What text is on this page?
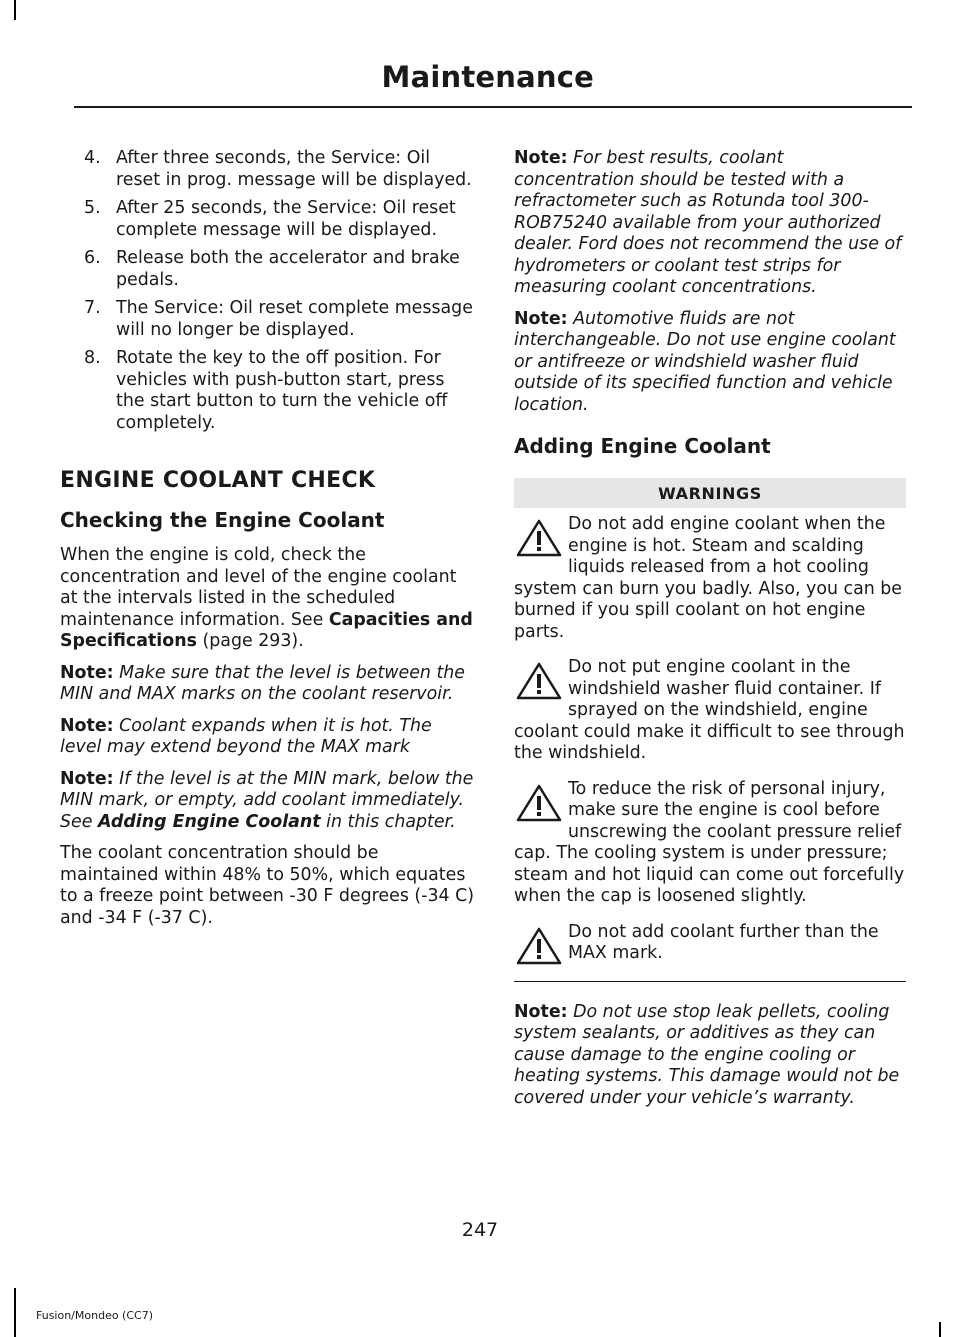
Maintenance
4. After three seconds, the Service: Oil reset in prog. message will be displayed.
5. After 25 seconds, the Service: Oil reset complete message will be displayed.
6. Release both the accelerator and brake pedals.
7. The Service: Oil reset complete message will no longer be displayed.
8. Rotate the key to the off position. For vehicles with push-button start, press the start button to turn the vehicle off completely.
ENGINE COOLANT CHECK
Checking the Engine Coolant

When the engine is cold, check the concentration and level of the engine coolant at the intervals listed in the scheduled maintenance information. See Capacities and Specifications (page 293).

Note: Make sure that the level is between the MIN and MAX marks on the coolant reservoir.

Note: Coolant expands when it is hot. The level may extend beyond the MAX mark

Note: If the level is at the MIN mark, below the MIN mark, or empty, add coolant immediately. See Adding Engine Coolant in this chapter.

The coolant concentration should be maintained within 48% to 50%, which equates to a freeze point between -30 F degrees (-34 C) and -34 F (-37 C).

Note: For best results, coolant concentration should be tested with a refractometer such as Rotunda tool 300-ROB75240 available from your authorized dealer. Ford does not recommend the use of hydrometers or coolant test strips for measuring coolant concentrations.

Note: Automotive fluids are not interchangeable. Do not use engine coolant or antifreeze or windshield washer fluid outside of its specified function and vehicle location.

Adding Engine Coolant
WARNINGS
Do not add engine coolant when the engine is hot. Steam and scalding liquids released from a hot cooling system can burn you badly. Also, you can be burned if you spill coolant on hot engine parts.
Do not put engine coolant in the windshield washer fluid container. If sprayed on the windshield, engine coolant could make it difficult to see through the windshield.
To reduce the risk of personal injury, make sure the engine is cool before unscrewing the coolant pressure relief cap. The cooling system is under pressure; steam and hot liquid can come out forcefully when the cap is loosened slightly.
Do not add coolant further than the MAX mark.

Note: Do not use stop leak pellets, cooling system sealants, or additives as they can cause damage to the engine cooling or heating systems. This damage would not be covered under your vehicle’s warranty.

247
Fusion/Mondeo (CC7)
